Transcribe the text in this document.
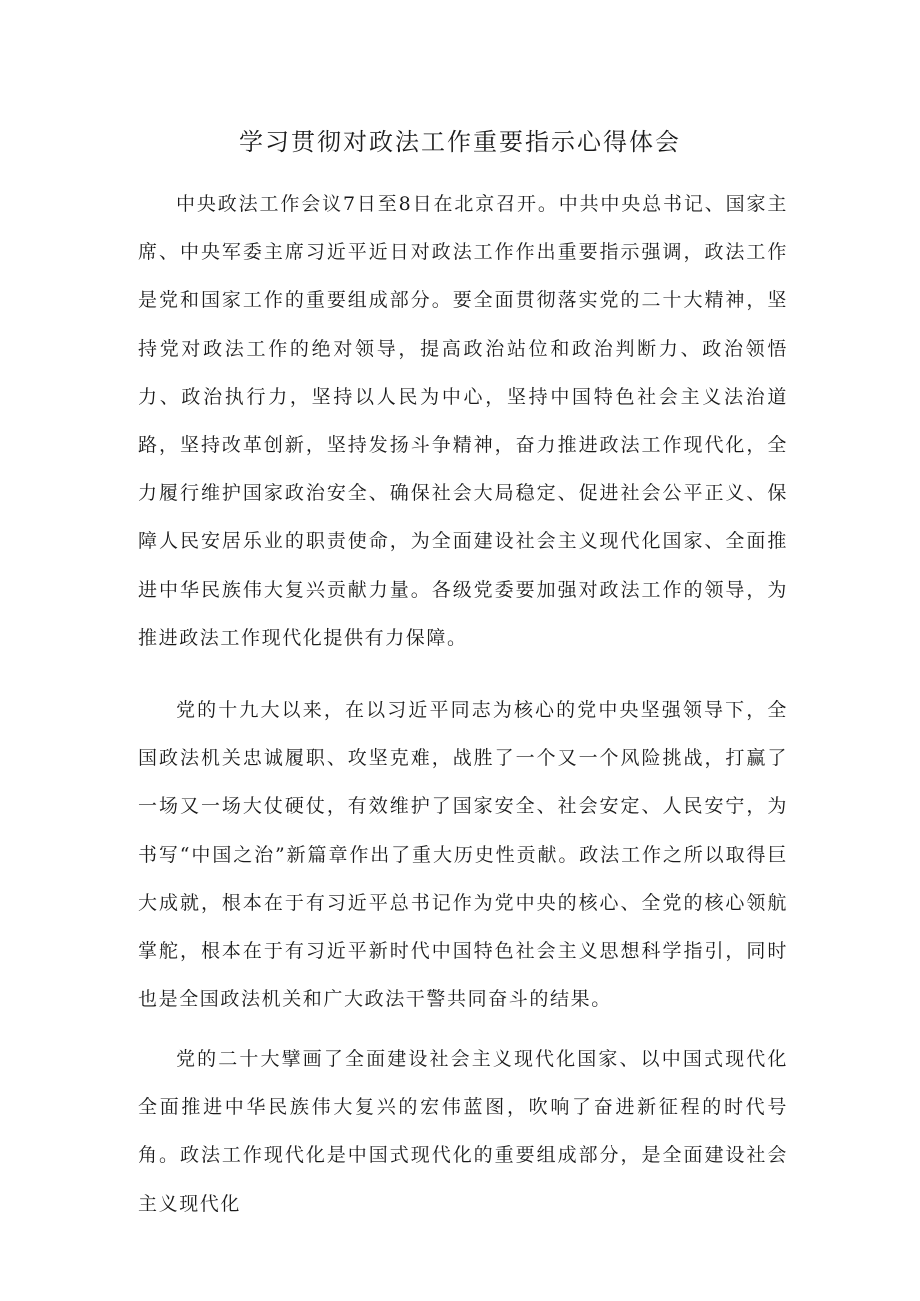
学习贯彻对政法工作重要指示心得体会

中央政法工作会议7日至8日在北京召开。中共中央总书记、国家主席、中央军委主席习近平近日对政法工作作出重要指示强调，政法工作是党和国家工作的重要组成部分。要全面贯彻落实党的二十大精神，坚持党对政法工作的绝对领导，提高政治站位和政治判断力、政治领悟力、政治执行力，坚持以人民为中心，坚持中国特色社会主义法治道路，坚持改革创新，坚持发扬斗争精神，奋力推进政法工作现代化，全力履行维护国家政治安全、确保社会大局稳定、促进社会公平正义、保障人民安居乐业的职责使命，为全面建设社会主义现代化国家、全面推进中华民族伟大复兴贡献力量。各级党委要加强对政法工作的领导，为推进政法工作现代化提供有力保障。

党的十九大以来，在以习近平同志为核心的党中央坚强领导下，全国政法机关忠诚履职、攻坚克难，战胜了一个又一个风险挑战，打赢了一场又一场大仗硬仗，有效维护了国家安全、社会安定、人民安宁，为书写“中国之治”新篇章作出了重大历史性贡献。政法工作之所以取得巨大成就，根本在于有习近平总书记作为党中央的核心、全党的核心领航掌舵，根本在于有习近平新时代中国特色社会主义思想科学指引，同时也是全国政法机关和广大政法干警共同奋斗的结果。

党的二十大擘画了全面建设社会主义现代化国家、以中国式现代化全面推进中华民族伟大复兴的宏伟蓝图，吹响了奋进新征程的时代号角。政法工作现代化是中国式现代化的重要组成部分，是全面建设社会主义现代化
